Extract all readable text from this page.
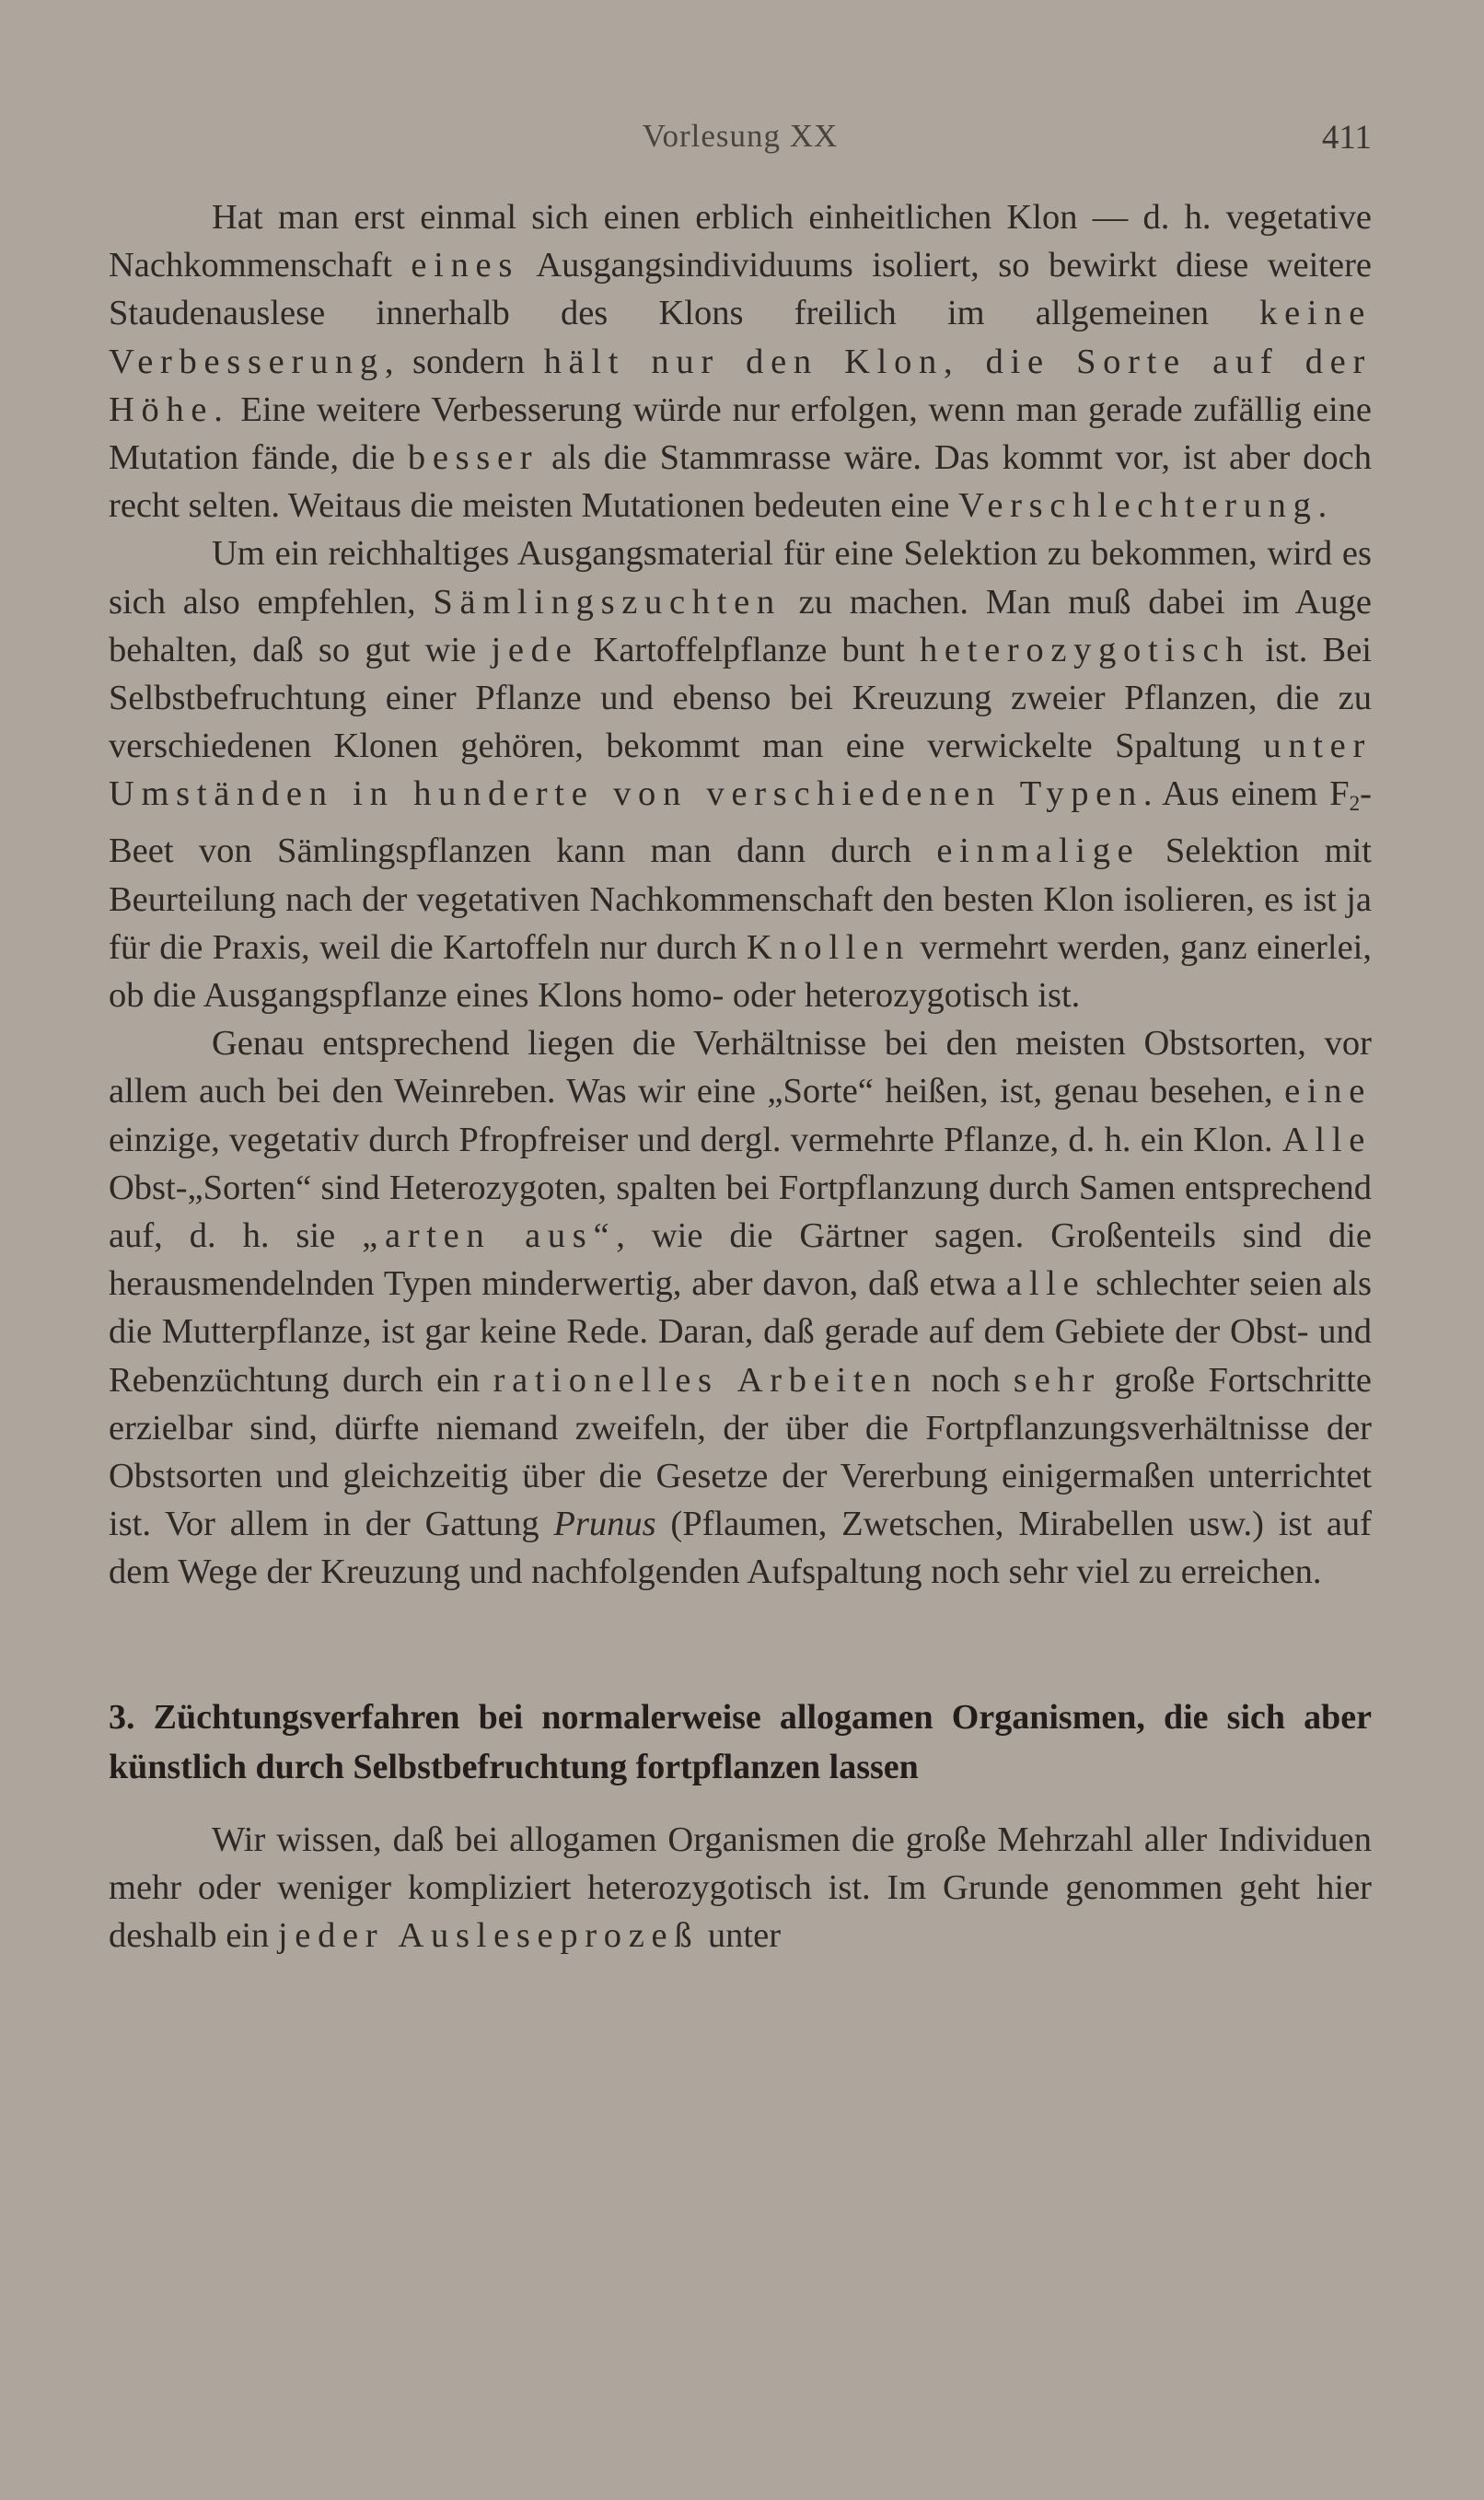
Vorlesung XX	411

Hat man erst einmal sich einen erblich einheitlichen Klon — d. h. vegetative Nachkommenschaft eines Ausgangsindividuums isoliert, so bewirkt diese weitere Staudenauslese innerhalb des Klons freilich im allgemeinen keine Verbesserung, sondern hält nur den Klon, die Sorte auf der Höhe. Eine weitere Verbesserung würde nur erfolgen, wenn man gerade zufällig eine Mutation fände, die besser als die Stammrasse wäre. Das kommt vor, ist aber doch recht selten. Weitaus die meisten Mutationen bedeuten eine Verschlechterung.

Um ein reichhaltiges Ausgangsmaterial für eine Selektion zu bekommen, wird es sich also empfehlen, Sämlingszuchten zu machen. Man muß dabei im Auge behalten, daß so gut wie jede Kartoffelpflanze bunt heterozygotisch ist. Bei Selbstbefruchtung einer Pflanze und ebenso bei Kreuzung zweier Pflanzen, die zu verschiedenen Klonen gehören, bekommt man eine verwickelte Spaltung unter Umständen in hunderte von verschiedenen Typen. Aus einem $F_2$-Beet von Sämlingspflanzen kann man dann durch einmalige Selektion mit Beurteilung nach der vegetativen Nachkommenschaft den besten Klon isolieren, es ist ja für die Praxis, weil die Kartoffeln nur durch Knollen vermehrt werden, ganz einerlei, ob die Ausgangspflanze eines Klons homo- oder heterozygotisch ist.

Genau entsprechend liegen die Verhältnisse bei den meisten Obstsorten, vor allem auch bei den Weinreben. Was wir eine „Sorte“ heißen, ist, genau besehen, eine einzige, vegetativ durch Pfropfreiser und dergl. vermehrte Pflanze, d. h. ein Klon. Alle Obst-„Sorten“ sind Heterozygoten, spalten bei Fortpflanzung durch Samen entsprechend auf, d. h. sie „arten aus“, wie die Gärtner sagen. Großenteils sind die herausmendelnden Typen minderwertig, aber davon, daß etwa alle schlechter seien als die Mutterpflanze, ist gar keine Rede. Daran, daß gerade auf dem Gebiete der Obst- und Rebenzüchtung durch ein rationelles Arbeiten noch sehr große Fortschritte erzielbar sind, dürfte niemand zweifeln, der über die Fortpflanzungsverhältnisse der Obstsorten und gleichzeitig über die Gesetze der Vererbung einigermaßen unterrichtet ist. Vor allem in der Gattung Prunus (Pflaumen, Zwetschen, Mirabellen usw.) ist auf dem Wege der Kreuzung und nachfolgenden Aufspaltung noch sehr viel zu erreichen.

3. Züchtungsverfahren bei normalerweise allogamen Organismen, die sich aber künstlich durch Selbstbefruchtung fortpflanzen lassen

Wir wissen, daß bei allogamen Organismen die große Mehrzahl aller Individuen mehr oder weniger kompliziert heterozygotisch ist. Im Grunde genommen geht hier deshalb ein jeder Ausleseprozeß unter
